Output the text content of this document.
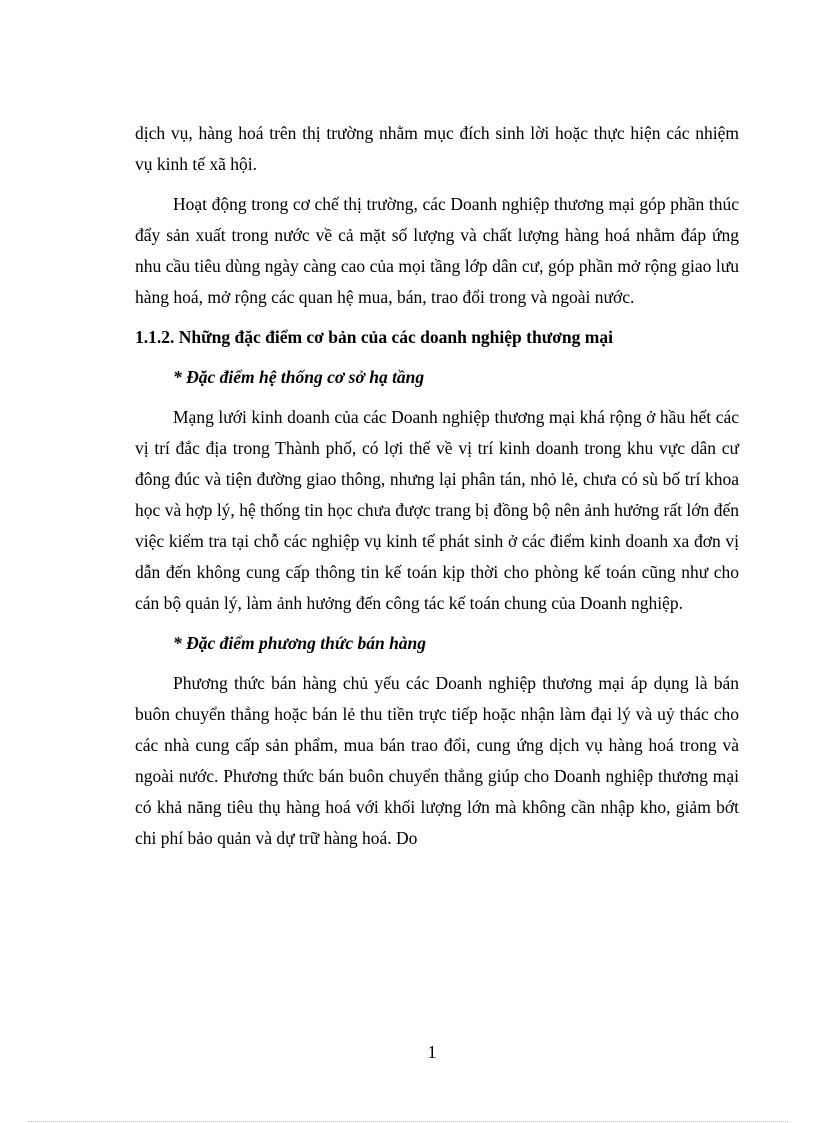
dịch vụ, hàng hoá trên thị trường nhằm mục đích sinh lời hoặc thực hiện các nhiệm vụ kinh tế xã hội.

Hoạt động trong cơ chế thị trường, các Doanh nghiệp thương mại góp phần thúc đẩy sản xuất trong nước về cả mặt số lượng và chất lượng hàng hoá nhằm đáp ứng nhu cầu tiêu dùng ngày càng cao của mọi tầng lớp dân cư, góp phần mở rộng giao lưu hàng hoá, mở rộng các quan hệ mua, bán, trao đổi trong và ngoài nước.

1.1.2. Những đặc điểm cơ bản của các doanh nghiệp thương mại
* Đặc điểm hệ thống cơ sở hạ tầng

Mạng lưới kinh doanh của các Doanh nghiệp thương mại khá rộng ở hầu hết các vị trí đắc địa trong Thành phố, có lợi thế về vị trí kinh doanh trong khu vực dân cư đông đúc và tiện đường giao thông, nhưng lại phân tán, nhỏ lẻ, chưa có sù bố trí khoa học và hợp lý, hệ thống tin học chưa được trang bị đồng bộ nên ảnh hưởng rất lớn đến việc kiểm tra tại chỗ các nghiệp vụ kinh tế phát sinh ở các điểm kinh doanh xa đơn vị dẫn đến không cung cấp thông tin kế toán kịp thời cho phòng kế toán cũng như cho cán bộ quản lý, làm ảnh hưởng đến công tác kế toán chung của Doanh nghiệp.

* Đặc điểm phương thức bán hàng

Phương thức bán hàng chủ yếu các Doanh nghiệp thương mại áp dụng là bán buôn chuyển thẳng hoặc bán lẻ thu tiền trực tiếp hoặc nhận làm đại lý và uỷ thác cho các nhà cung cấp sản phẩm, mua bán trao đổi, cung ứng dịch vụ hàng hoá trong và ngoài nước. Phương thức bán buôn chuyển thẳng giúp cho Doanh nghiệp thương mại có khả năng tiêu thụ hàng hoá với khối lượng lớn mà không cần nhập kho, giảm bớt chi phí bảo quản và dự trữ hàng hoá. Do

1
